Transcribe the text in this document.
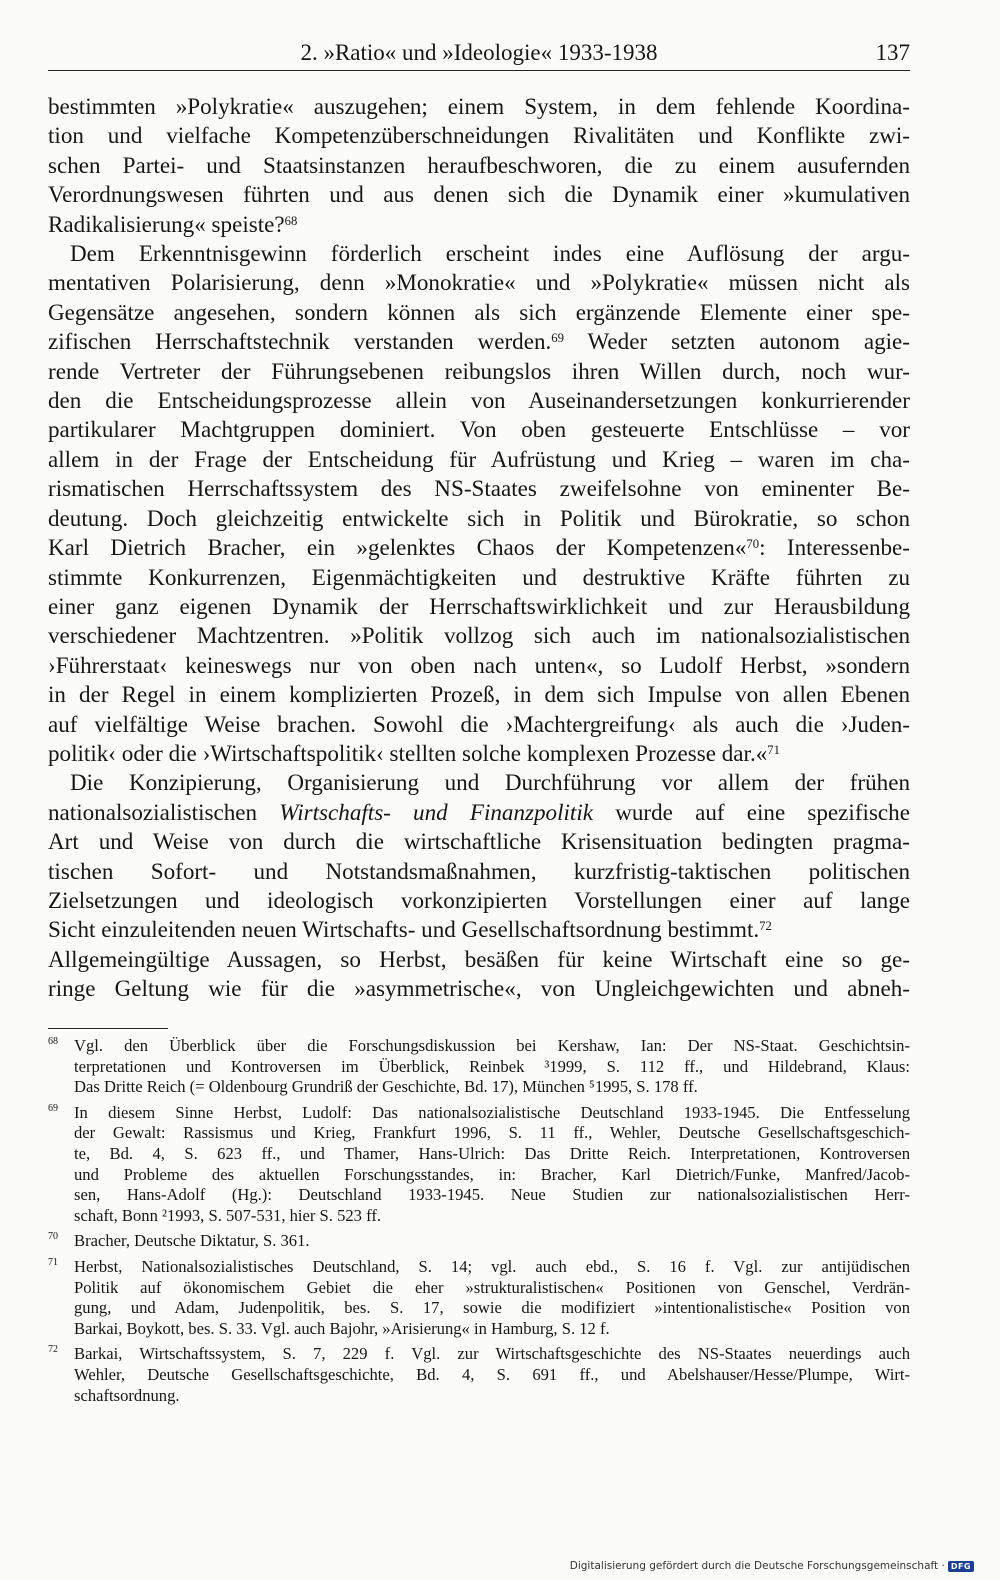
2. »Ratio« und »Ideologie« 1933-1938	137
bestimmten »Polykratie« auszugehen; einem System, in dem fehlende Koordina-
tion und vielfache Kompetenzüberschneidungen Rivalitäten und Konflikte zwi-
schen Partei- und Staatsinstanzen heraufbeschworen, die zu einem ausufernden
Verordnungswesen führten und aus denen sich die Dynamik einer »kumulativen
Radikalisierung« speiste?$^{68}$
Dem Erkenntnisgewinn förderlich erscheint indes eine Auflösung der argu-
mentativen Polarisierung, denn »Monokratie« und »Polykratie« müssen nicht als
Gegensätze angesehen, sondern können als sich ergänzende Elemente einer spe-
zifischen Herrschaftstechnik verstanden werden.$^{69}$ Weder setzten autonom agie-
rende Vertreter der Führungsebenen reibungslos ihren Willen durch, noch wur-
den die Entscheidungsprozesse allein von Auseinandersetzungen konkurrierender
partikularer Machtgruppen dominiert. Von oben gesteuerte Entschlüsse – vor
allem in der Frage der Entscheidung für Aufrüstung und Krieg – waren im cha-
rismatischen Herrschaftssystem des NS-Staates zweifelsohne von eminenter Be-
deutung. Doch gleichzeitig entwickelte sich in Politik und Bürokratie, so schon
Karl Dietrich Bracher, ein »gelenktes Chaos der Kompetenzen«$^{70}$: Interessenbe-
stimmte Konkurrenzen, Eigenmächtigkeiten und destruktive Kräfte führten zu
einer ganz eigenen Dynamik der Herrschaftswirklichkeit und zur Herausbildung
verschiedener Machtzentren. »Politik vollzog sich auch im nationalsozialistischen
›Führerstaat‹ keineswegs nur von oben nach unten«, so Ludolf Herbst, »sondern
in der Regel in einem komplizierten Prozeß, in dem sich Impulse von allen Ebenen
auf vielfältige Weise brachen. Sowohl die ›Machtergreifung‹ als auch die ›Juden-
politik‹ oder die ›Wirtschaftspolitik‹ stellten solche komplexen Prozesse dar.«$^{71}$
Die Konzipierung, Organisierung und Durchführung vor allem der frühen
nationalsozialistischen Wirtschafts- und Finanzpolitik wurde auf eine spezifische
Art und Weise von durch die wirtschaftliche Krisensituation bedingten pragma-
tischen Sofort- und Notstandsmaßnahmen, kurzfristig-taktischen politischen
Zielsetzungen und ideologisch vorkonzipierten Vorstellungen einer auf lange
Sicht einzuleitenden neuen Wirtschafts- und Gesellschaftsordnung bestimmt.$^{72}$
Allgemeingültige Aussagen, so Herbst, besäßen für keine Wirtschaft eine so ge-
ringe Geltung wie für die »asymmetrische«, von Ungleichgewichten und abneh-
68 Vgl. den Überblick über die Forschungsdiskussion bei Kershaw, Ian: Der NS-Staat. Geschichtsin-
terpretationen und Kontroversen im Überblick, Reinbek ³1999, S. 112 ff., und Hildebrand, Klaus:
Das Dritte Reich (= Oldenbourg Grundriß der Geschichte, Bd. 17), München ⁵1995, S. 178 ff.
69 In diesem Sinne Herbst, Ludolf: Das nationalsozialistische Deutschland 1933-1945. Die Entfesselung
der Gewalt: Rassismus und Krieg, Frankfurt 1996, S. 11 ff., Wehler, Deutsche Gesellschaftsgeschich-
te, Bd. 4, S. 623 ff., und Thamer, Hans-Ulrich: Das Dritte Reich. Interpretationen, Kontroversen
und Probleme des aktuellen Forschungsstandes, in: Bracher, Karl Dietrich/Funke, Manfred/Jacob-
sen, Hans-Adolf (Hg.): Deutschland 1933-1945. Neue Studien zur nationalsozialistischen Herr-
schaft, Bonn ²1993, S. 507-531, hier S. 523 ff.
70 Bracher, Deutsche Diktatur, S. 361.
71 Herbst, Nationalsozialistisches Deutschland, S. 14; vgl. auch ebd., S. 16 f. Vgl. zur antijüdischen
Politik auf ökonomischem Gebiet die eher »strukturalistischen« Positionen von Genschel, Verdrän-
gung, und Adam, Judenpolitik, bes. S. 17, sowie die modifiziert »intentionalistische« Position von
Barkai, Boykott, bes. S. 33. Vgl. auch Bajohr, »Arisierung« in Hamburg, S. 12 f.
72 Barkai, Wirtschaftssystem, S. 7, 229 f. Vgl. zur Wirtschaftsgeschichte des NS-Staates neuerdings auch
Wehler, Deutsche Gesellschaftsgeschichte, Bd. 4, S. 691 ff., und Abelshauser/Hesse/Plumpe, Wirt-
schaftsordnung.
Digitalisierung gefördert durch die Deutsche Forschungsgemeinschaft · DFG
